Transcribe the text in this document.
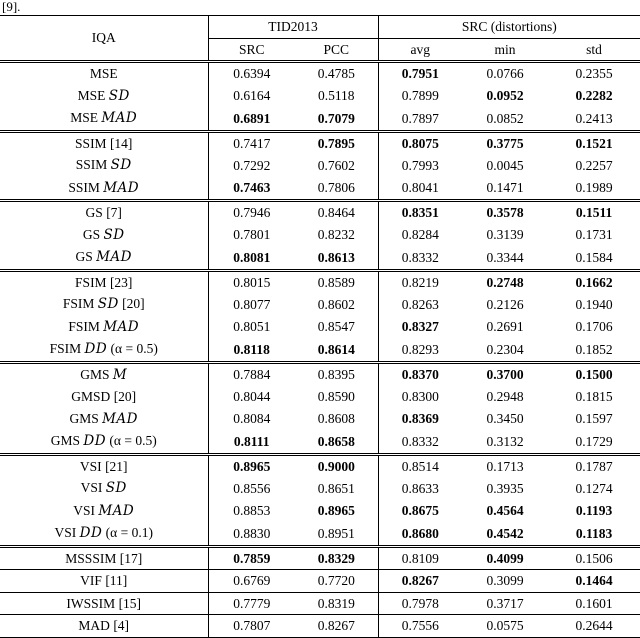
[9].
IQA	TID2013		SRC (distortions)		
	SRC	PCC	avg	min	std
MSE	0.6394	0.4785	0.7951	0.0766	0.2355
MSE SD	0.6164	0.5118	0.7899	0.0952	0.2282
MSE MAD	0.6891	0.7079	0.7897	0.0852	0.2413
SSIM [14]	0.7417	0.7895	0.8075	0.3775	0.1521
SSIM SD	0.7292	0.7602	0.7993	0.0045	0.2257
SSIM MAD	0.7463	0.7806	0.8041	0.1471	0.1989
GS [7]	0.7946	0.8464	0.8351	0.3578	0.1511
GS SD	0.7801	0.8232	0.8284	0.3139	0.1731
GS MAD	0.8081	0.8613	0.8332	0.3344	0.1584
FSIM [23]	0.8015	0.8589	0.8219	0.2748	0.1662
FSIM SD [20]	0.8077	0.8602	0.8263	0.2126	0.1940
FSIM MAD	0.8051	0.8547	0.8327	0.2691	0.1706
FSIM DD (α = 0.5)	0.8118	0.8614	0.8293	0.2304	0.1852
GMS M	0.7884	0.8395	0.8370	0.3700	0.1500
GMSD [20]	0.8044	0.8590	0.8300	0.2948	0.1815
GMS MAD	0.8084	0.8608	0.8369	0.3450	0.1597
GMS DD (α = 0.5)	0.8111	0.8658	0.8332	0.3132	0.1729
VSI [21]	0.8965	0.9000	0.8514	0.1713	0.1787
VSI SD	0.8556	0.8651	0.8633	0.3935	0.1274
VSI MAD	0.8853	0.8965	0.8675	0.4564	0.1193
VSI DD (α = 0.1)	0.8830	0.8951	0.8680	0.4542	0.1183
MSSSIM [17]	0.7859	0.8329	0.8109	0.4099	0.1506
VIF [11]	0.6769	0.7720	0.8267	0.3099	0.1464
IWSSIM [15]	0.7779	0.8319	0.7978	0.3717	0.1601
MAD [4]	0.7807	0.8267	0.7556	0.0575	0.2644
